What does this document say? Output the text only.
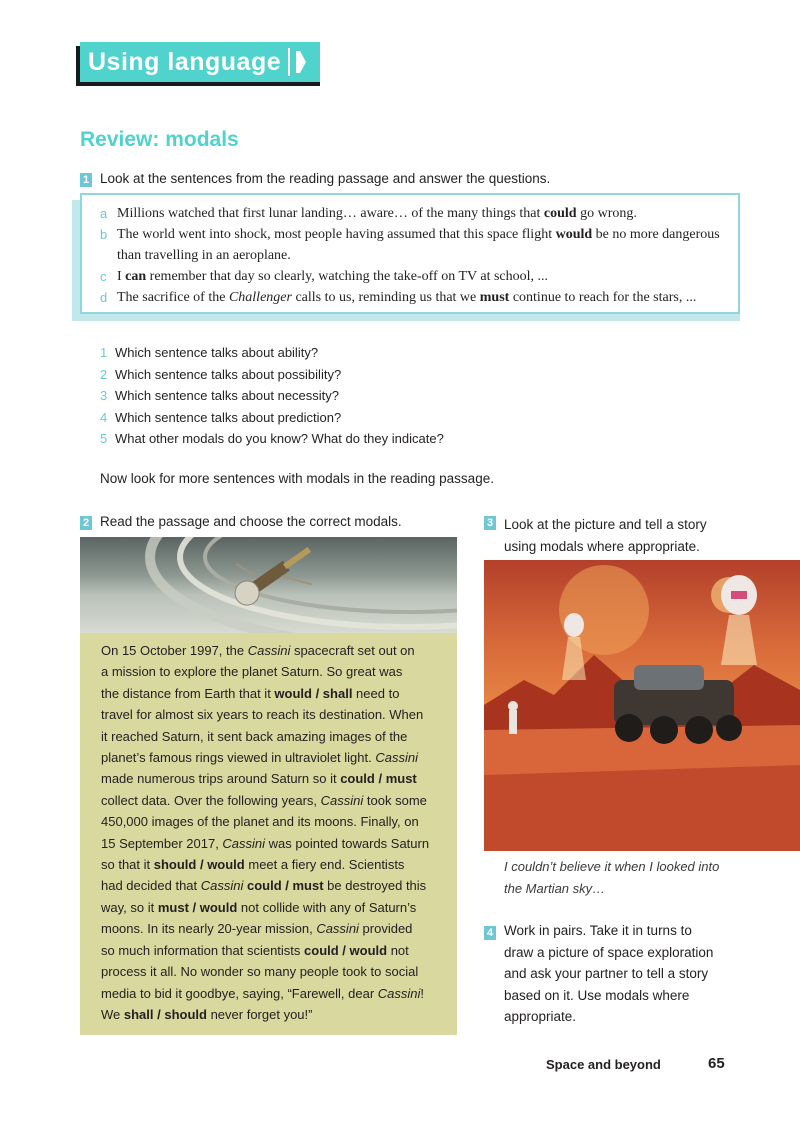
Using language
Review: modals
1 Look at the sentences from the reading passage and answer the questions.
a Millions watched that first lunar landing… aware… of the many things that could go wrong.
b The world went into shock, most people having assumed that this space flight would be no more dangerous than travelling in an aeroplane.
c I can remember that day so clearly, watching the take-off on TV at school, ...
d The sacrifice of the Challenger calls to us, reminding us that we must continue to reach for the stars, ...
1 Which sentence talks about ability?
2 Which sentence talks about possibility?
3 Which sentence talks about necessity?
4 Which sentence talks about prediction?
5 What other modals do you know? What do they indicate?
Now look for more sentences with modals in the reading passage.
2 Read the passage and choose the correct modals.
On 15 October 1997, the Cassini spacecraft set out on
a mission to explore the planet Saturn. So great was
the distance from Earth that it would / shall need to
travel for almost six years to reach its destination. When
it reached Saturn, it sent back amazing images of the
planet’s famous rings viewed in ultraviolet light. Cassini
made numerous trips around Saturn so it could / must
collect data. Over the following years, Cassini took some
450,000 images of the planet and its moons. Finally, on
15 September 2017, Cassini was pointed towards Saturn
so that it should / would meet a fiery end. Scientists
had decided that Cassini could / must be destroyed this
way, so it must / would not collide with any of Saturn’s
moons. In its nearly 20-year mission, Cassini provided
so much information that scientists could / would not
process it all. No wonder so many people took to social
media to bid it goodbye, saying, “Farewell, dear Cassini!
We shall / should never forget you!”
3 Look at the picture and tell a story
using modals where appropriate.
I couldn’t believe it when I looked into
the Martian sky…
4 Work in pairs. Take it in turns to
draw a picture of space exploration
and ask your partner to tell a story
based on it. Use modals where
appropriate.
Space and beyond	65
